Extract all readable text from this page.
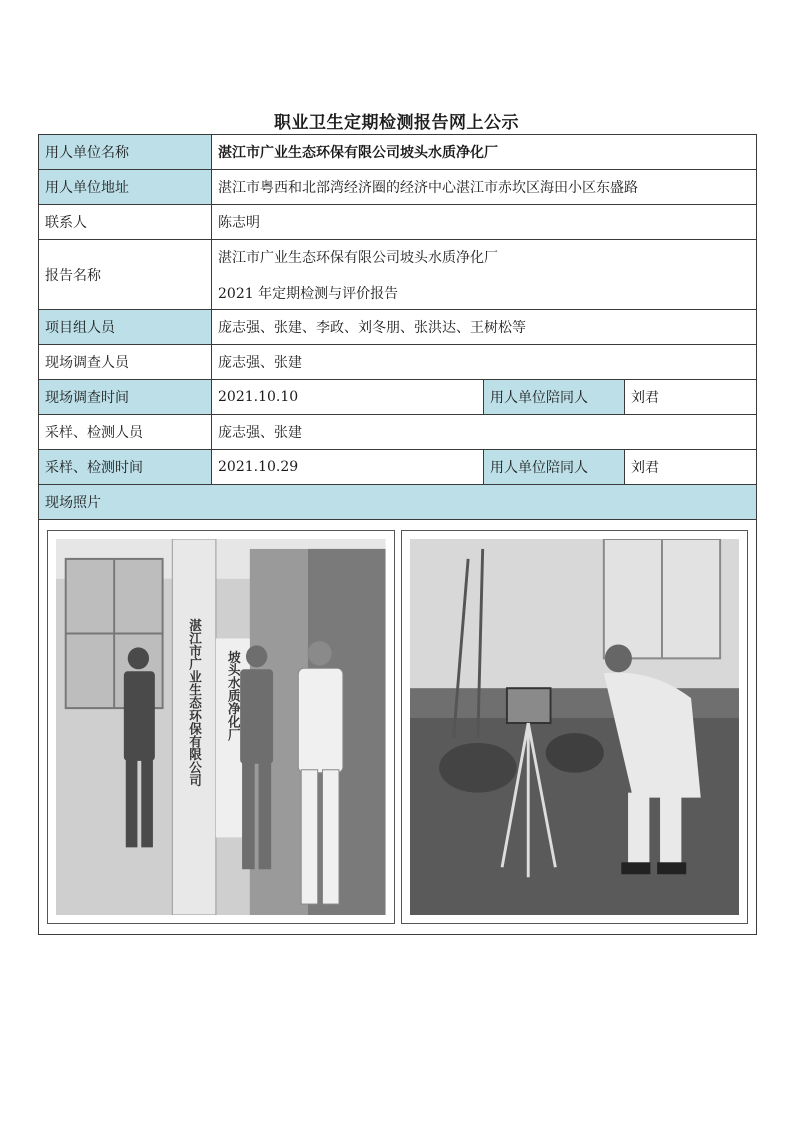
职业卫生定期检测报告网上公示
用人单位名称	湛江市广业生态环保有限公司坡头水质净化厂		
用人单位地址	湛江市粤西和北部湾经济圈的经济中心湛江市赤坎区海田小区东盛路		
联系人	陈志明		
报告名称	湛江市广业生态环保有限公司坡头水质净化厂
2021 年定期检测与评价报告		

项目组人员	庞志强、张建、李政、刘冬朋、张洪达、王树松等		
现场调查人员	庞志强、张建		
现场调查时间	2021.10.10	用人单位陪同人	刘君
采样、检测人员	庞志强、张建		
采样、检测时间	2021.10.29	用人单位陪同人	刘君
现场照片			

湛江市广业生态环保有限公司 坡头水质净化厂			
